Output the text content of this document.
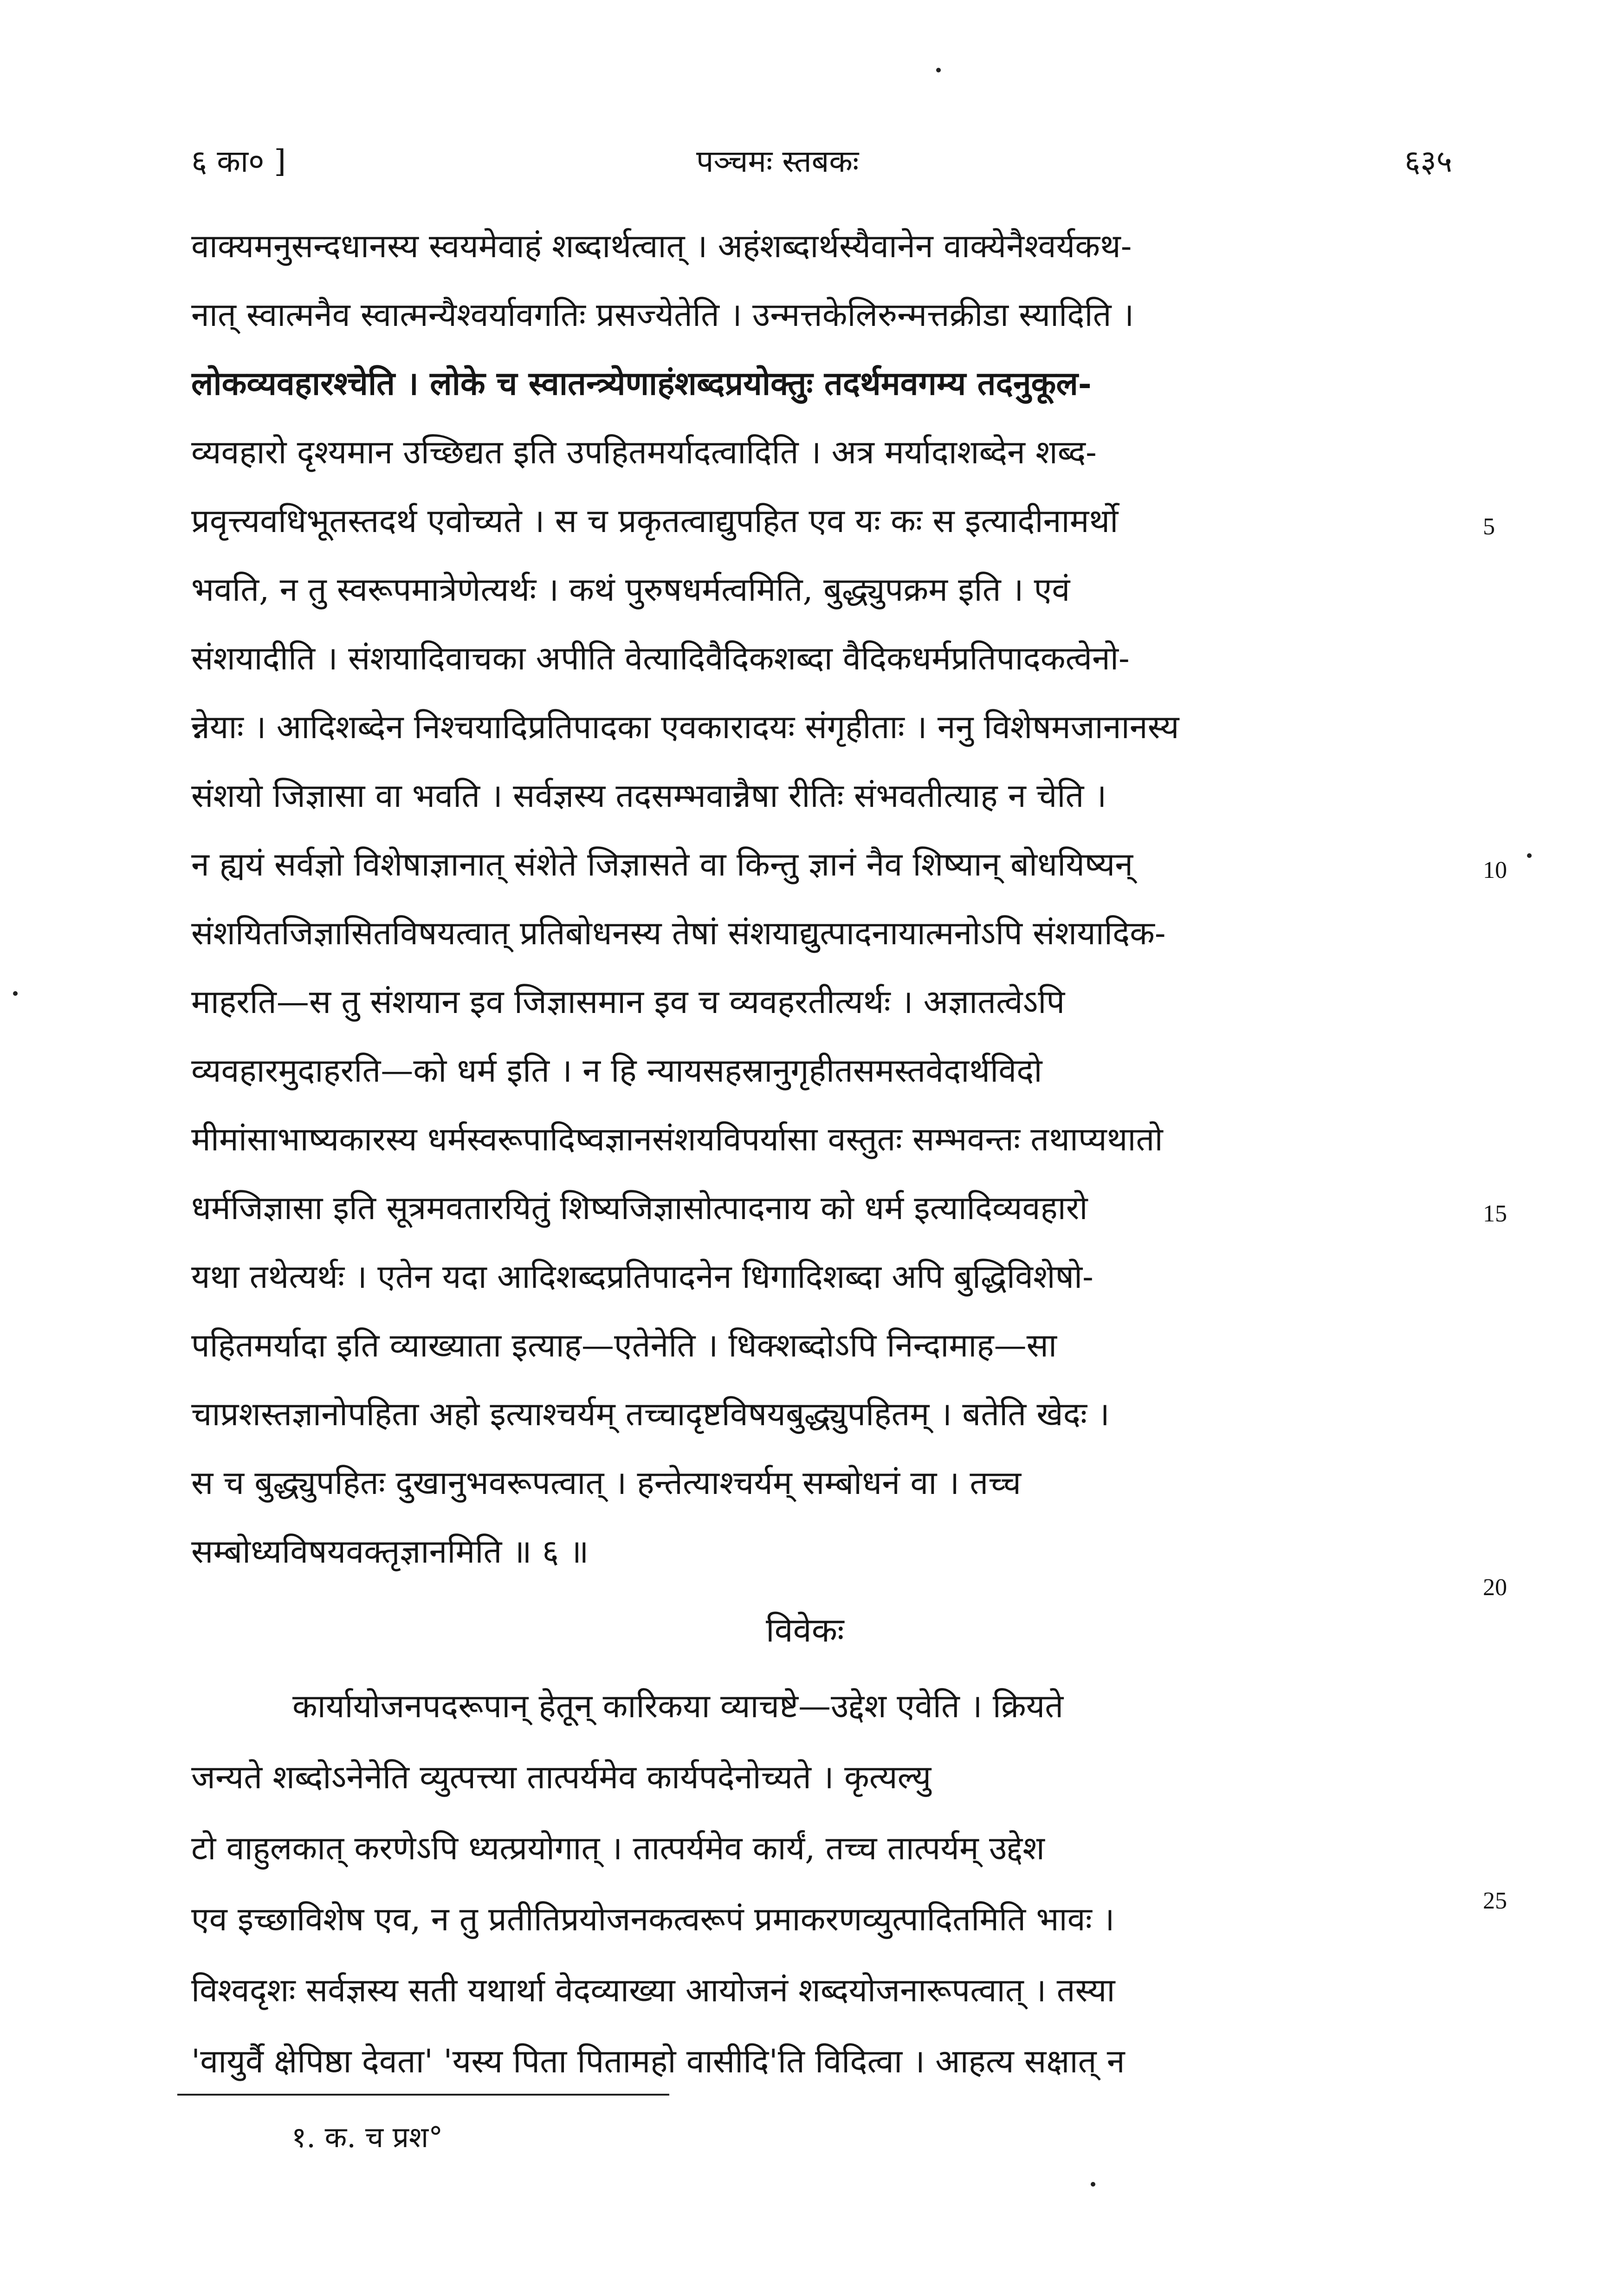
६ का० ]	पञ्चमः स्तबकः	६३५
वाक्यमनुसन्दधानस्य स्वयमेवाहं शब्दार्थत्वात् । अहंशब्दार्थस्यैवानेन वाक्येनैश्वर्यकथ-
नात् स्वात्मनैव स्वात्मन्यैश्वर्यावगतिः प्रसज्येतेति । उन्मत्तकेलिरुन्मत्तक्रीडा स्यादिति ।
लोकव्यवहारश्चेति । लोके च स्वातन्त्र्येणाहंशब्दप्रयोक्तुः तदर्थमवगम्य तदनुकूल-
व्यवहारो दृश्यमान उच्छिद्यत इति उपहितमर्यादत्वादिति । अत्र मर्यादाशब्देन शब्द-
प्रवृत्त्यवधिभूतस्तदर्थ एवोच्यते । स च प्रकृतत्वाद्युपहित एव यः कः स इत्यादीनामर्थो
भवति, न तु स्वरूपमात्रेणेत्यर्थः । कथं पुरुषधर्मत्वमिति, बुद्ध्युपक्रम इति । एवं
संशयादीति । संशयादिवाचका अपीति वेत्यादिवैदिकशब्दा वैदिकधर्मप्रतिपादकत्वेनो-
न्नेयाः । आदिशब्देन निश्चयादिप्रतिपादका एवकारादयः संगृहीताः । ननु विशेषमजानानस्य
संशयो जिज्ञासा वा भवति । सर्वज्ञस्य तदसम्भवान्नैषा रीतिः संभवतीत्याह न चेति ।
न ह्ययं सर्वज्ञो विशेषाज्ञानात् संशेते जिज्ञासते वा किन्तु ज्ञानं नैव शिष्यान् बोधयिष्यन्
संशयितजिज्ञासितविषयत्वात् प्रतिबोधनस्य तेषां संशयाद्युत्पादनायात्मनोऽपि संशयादिक-
माहरति—स तु संशयान इव जिज्ञासमान इव च व्यवहरतीत्यर्थः । अज्ञातत्वेऽपि
व्यवहारमुदाहरति—को धर्म इति । न हि न्यायसहस्रानुगृहीतसमस्तवेदार्थविदो
मीमांसाभाष्यकारस्य धर्मस्वरूपादिष्वज्ञानसंशयविपर्यासा वस्तुतः सम्भवन्तः तथाप्यथातो
धर्मजिज्ञासा इति सूत्रमवतारयितुं शिष्यजिज्ञासोत्पादनाय को धर्म इत्यादिव्यवहारो
यथा तथेत्यर्थः । एतेन यदा आदिशब्दप्रतिपादनेन धिगादिशब्दा अपि बुद्धिविशेषो-
पहितमर्यादा इति व्याख्याता इत्याह—एतेनेति । धिक्शब्दोऽपि निन्दामाह—सा
चाप्रशस्तज्ञानोपहिता अहो इत्याश्चर्यम् तच्चादृष्टविषयबुद्ध्युपहितम् । बतेति खेदः ।
स च बुद्ध्युपहितः दुखानुभवरूपत्वात् । हन्तेत्याश्चर्यम् सम्बोधनं वा । तच्च
सम्बोध्यविषयवक्तृज्ञानमिति ॥ ६ ॥
5
10
15
20
25
विवेकः
कार्यायोजनपदरूपान् हेतून् कारिकया व्याचष्टे—उद्देश एवेति । क्रियते
जन्यते शब्दोऽनेनेति व्युत्पत्त्या तात्पर्यमेव कार्यपदेनोच्यते । कृत्यल्यु
टो वाहुलकात् करणेऽपि ध्यत्प्रयोगात् । तात्पर्यमेव कार्यं, तच्च तात्पर्यम् उद्देश
एव इच्छाविशेष एव, न तु प्रतीतिप्रयोजनकत्वरूपं प्रमाकरणव्युत्पादितमिति भावः ।
विश्वदृशः सर्वज्ञस्य सती यथार्था वेदव्याख्या आयोजनं शब्दयोजनारूपत्वात् । तस्या
'वायुर्वै क्षेपिष्ठा देवता' 'यस्य पिता पितामहो वासीदि'ति विदित्वा । आहत्य सक्षात् न
१. क. च प्रश°
